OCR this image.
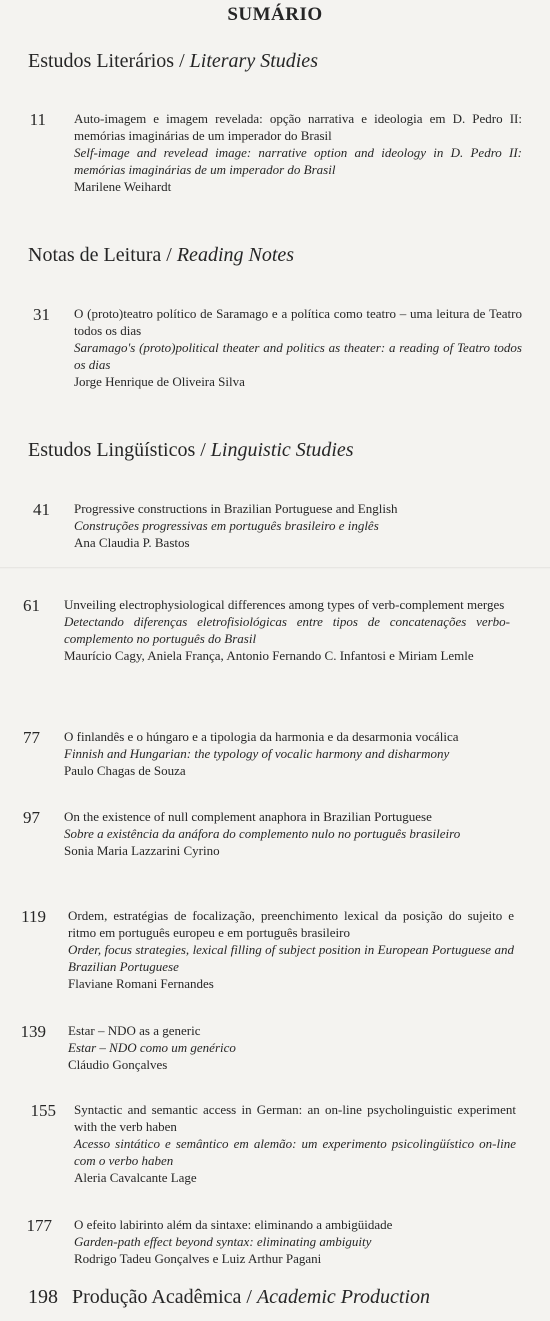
SUMÁRIO
Estudos Literários / Literary Studies
11 Auto-imagem e imagem revelada: opção narrativa e ideologia em D. Pedro II: memórias imaginárias de um imperador do Brasil
Self-image and revelead image: narrative option and ideology in D. Pedro II: memórias imaginárias de um imperador do Brasil
Marilene Weihardt
Notas de Leitura / Reading Notes
31 O (proto)teatro político de Saramago e a política como teatro – uma leitura de Teatro todos os dias
Saramago's (proto)political theater and politics as theater: a reading of Teatro todos os dias
Jorge Henrique de Oliveira Silva
Estudos Lingüísticos / Linguistic Studies
41 Progressive constructions in Brazilian Portuguese and English
Construções progressivas em português brasileiro e inglês
Ana Claudia P. Bastos
61 Unveiling electrophysiological differences among types of verb-complement merges
Detectando diferenças eletrofisiológicas entre tipos de concatenações verbo-complemento no português do Brasil
Maurício Cagy, Aniela França, Antonio Fernando C. Infantosi e Miriam Lemle
77 O finlandês e o húngaro e a tipologia da harmonia e da desarmonia vocálica
Finnish and Hungarian: the typology of vocalic harmony and disharmony
Paulo Chagas de Souza
97 On the existence of null complement anaphora in Brazilian Portuguese
Sobre a existência da anáfora do complemento nulo no português brasileiro
Sonia Maria Lazzarini Cyrino
119 Ordem, estratégias de focalização, preenchimento lexical da posição do sujeito e ritmo em português europeu e em português brasileiro
Order, focus strategies, lexical filling of subject position in European Portuguese and Brazilian Portuguese
Flaviane Romani Fernandes
139 Estar – NDO as a generic
Estar – NDO como um genérico
Cláudio Gonçalves
155 Syntactic and semantic access in German: an on-line psycholinguistic experiment with the verb haben
Acesso sintático e semântico em alemão: um experimento psicolingüístico on-line com o verbo haben
Aleria Cavalcante Lage
177 O efeito labirinto além da sintaxe: eliminando a ambigüidade
Garden-path effect beyond syntax: eliminating ambiguity
Rodrigo Tadeu Gonçalves e Luiz Arthur Pagani
198 Produção Acadêmica / Academic Production
